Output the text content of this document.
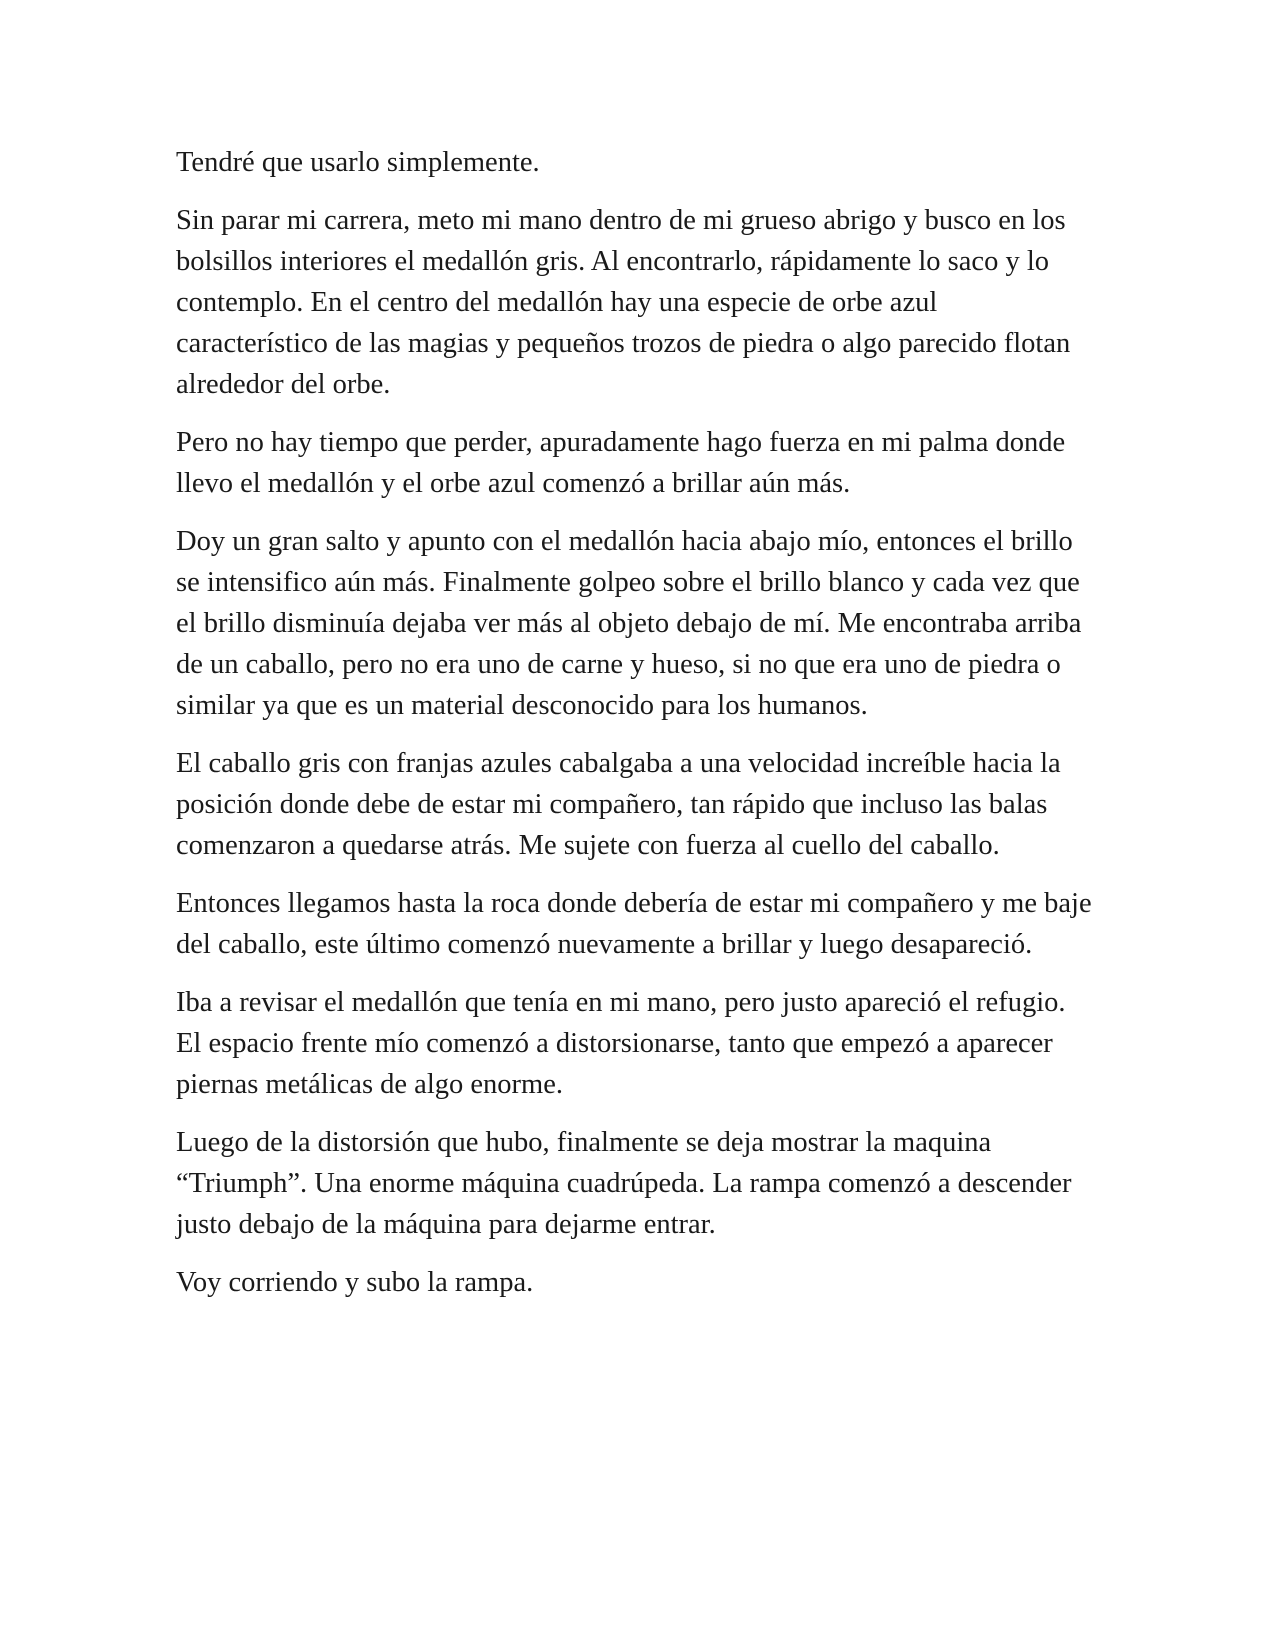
Tendré que usarlo simplemente.

Sin parar mi carrera, meto mi mano dentro de mi grueso abrigo y busco en los bolsillos interiores el medallón gris. Al encontrarlo, rápidamente lo saco y lo contemplo. En el centro del medallón hay una especie de orbe azul característico de las magias y pequeños trozos de piedra o algo parecido flotan alrededor del orbe.

Pero no hay tiempo que perder, apuradamente hago fuerza en mi palma donde llevo el medallón y el orbe azul comenzó a brillar aún más.

Doy un gran salto y apunto con el medallón hacia abajo mío, entonces el brillo se intensifico aún más. Finalmente golpeo sobre el brillo blanco y cada vez que el brillo disminuía dejaba ver más al objeto debajo de mí. Me encontraba arriba de un caballo, pero no era uno de carne y hueso, si no que era uno de piedra o similar ya que es un material desconocido para los humanos.

El caballo gris con franjas azules cabalgaba a una velocidad increíble hacia la posición donde debe de estar mi compañero, tan rápido que incluso las balas comenzaron a quedarse atrás. Me sujete con fuerza al cuello del caballo.

Entonces llegamos hasta la roca donde debería de estar mi compañero y me baje del caballo, este último comenzó nuevamente a brillar y luego desapareció.

Iba a revisar el medallón que tenía en mi mano, pero justo apareció el refugio. El espacio frente mío comenzó a distorsionarse, tanto que empezó a aparecer piernas metálicas de algo enorme.

Luego de la distorsión que hubo, finalmente se deja mostrar la maquina “Triumph”. Una enorme máquina cuadrúpeda. La rampa comenzó a descender justo debajo de la máquina para dejarme entrar.

Voy corriendo y subo la rampa.
